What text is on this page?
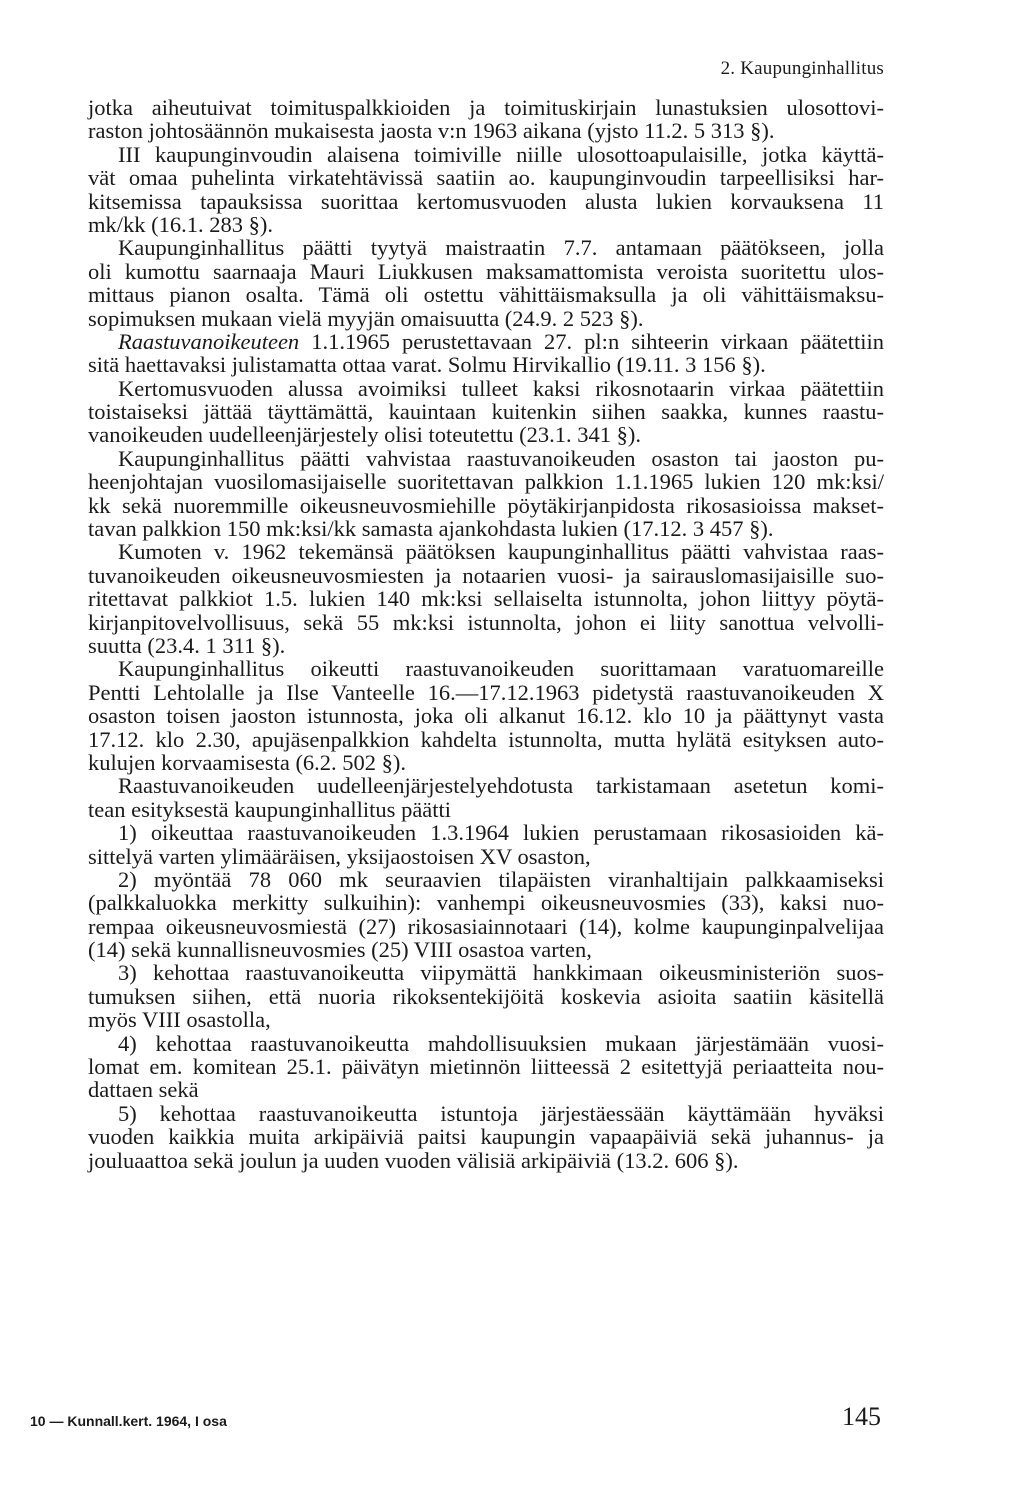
2. Kaupunginhallitus
jotka aiheutuivat toimituspalkkioiden ja toimituskirjain lunastuksien ulosottovi-
raston johtosäännön mukaisesta jaosta v:n 1963 aikana (yjsto 11.2. 5 313 §).
III kaupunginvoudin alaisena toimiville niille ulosottoapulaisille, jotka käyttä-
vät omaa puhelinta virkatehtävissä saatiin ao. kaupunginvoudin tarpeellisiksi har-
kitsemissa tapauksissa suorittaa kertomusvuoden alusta lukien korvauksena 11
mk/kk (16.1. 283 §).
Kaupunginhallitus päätti tyytyä maistraatin 7.7. antamaan päätökseen, jolla
oli kumottu saarnaaja Mauri Liukkusen maksamattomista veroista suoritettu ulos-
mittaus pianon osalta. Tämä oli ostettu vähittäismaksulla ja oli vähittäismaksu-
sopimuksen mukaan vielä myyjän omaisuutta (24.9. 2 523 §).
Raastuvanoikeuteen 1.1.1965 perustettavaan 27. pl:n sihteerin virkaan päätettiin
sitä haettavaksi julistamatta ottaa varat. Solmu Hirvikallio (19.11. 3 156 §).
Kertomusvuoden alussa avoimiksi tulleet kaksi rikosnotaarin virkaa päätettiin
toistaiseksi jättää täyttämättä, kauintaan kuitenkin siihen saakka, kunnes raastu-
vanoikeuden uudelleenjärjestely olisi toteutettu (23.1. 341 §).
Kaupunginhallitus päätti vahvistaa raastuvanoikeuden osaston tai jaoston pu-
heenjohtajan vuosilomasijaiselle suoritettavan palkkion 1.1.1965 lukien 120 mk:ksi/
kk sekä nuoremmille oikeusneuvosmiehille pöytäkirjanpidosta rikosasioissa makset-
tavan palkkion 150 mk:ksi/kk samasta ajankohdasta lukien (17.12. 3 457 §).
Kumoten v. 1962 tekemänsä päätöksen kaupunginhallitus päätti vahvistaa raas-
tuvanoikeuden oikeusneuvosmiesten ja notaarien vuosi- ja sairauslomasijaisille suo-
ritettavat palkkiot 1.5. lukien 140 mk:ksi sellaiselta istunnolta, johon liittyy pöytä-
kirjanpitovelvollisuus, sekä 55 mk:ksi istunnolta, johon ei liity sanottua velvolli-
suutta (23.4. 1 311 §).
Kaupunginhallitus oikeutti raastuvanoikeuden suorittamaan varatuomareille
Pentti Lehtolalle ja Ilse Vanteelle 16.—17.12.1963 pidetystä raastuvanoikeuden X
osaston toisen jaoston istunnosta, joka oli alkanut 16.12. klo 10 ja päättynyt vasta
17.12. klo 2.30, apujäsenpalkkion kahdelta istunnolta, mutta hylätä esityksen auto-
kulujen korvaamisesta (6.2. 502 §).
Raastuvanoikeuden uudelleenjärjestelyehdotusta tarkistamaan asetetun komi-
tean esityksestä kaupunginhallitus päätti
1) oikeuttaa raastuvanoikeuden 1.3.1964 lukien perustamaan rikosasioiden kä-
sittelyä varten ylimääräisen, yksijaostoisen XV osaston,
2) myöntää 78 060 mk seuraavien tilapäisten viranhaltijain palkkaamiseksi
(palkkaluokka merkitty sulkuihin): vanhempi oikeusneuvosmies (33), kaksi nuo-
rempaa oikeusneuvosmiestä (27) rikosasiainnotaari (14), kolme kaupunginpalvelijaa
(14) sekä kunnallisneuvosmies (25) VIII osastoa varten,
3) kehottaa raastuvanoikeutta viipymättä hankkimaan oikeusministeriön suos-
tumuksen siihen, että nuoria rikoksentekijöitä koskevia asioita saatiin käsitellä
myös VIII osastolla,
4) kehottaa raastuvanoikeutta mahdollisuuksien mukaan järjestämään vuosi-
lomat em. komitean 25.1. päivätyn mietinnön liitteessä 2 esitettyjä periaatteita nou-
dattaen sekä
5) kehottaa raastuvanoikeutta istuntoja järjestäessään käyttämään hyväksi
vuoden kaikkia muita arkipäiviä paitsi kaupungin vapaapäiviä sekä juhannus- ja
jouluaattoa sekä joulun ja uuden vuoden välisiä arkipäiviä (13.2. 606 §).
10 — Kunnall.kert. 1964, I osa	145
